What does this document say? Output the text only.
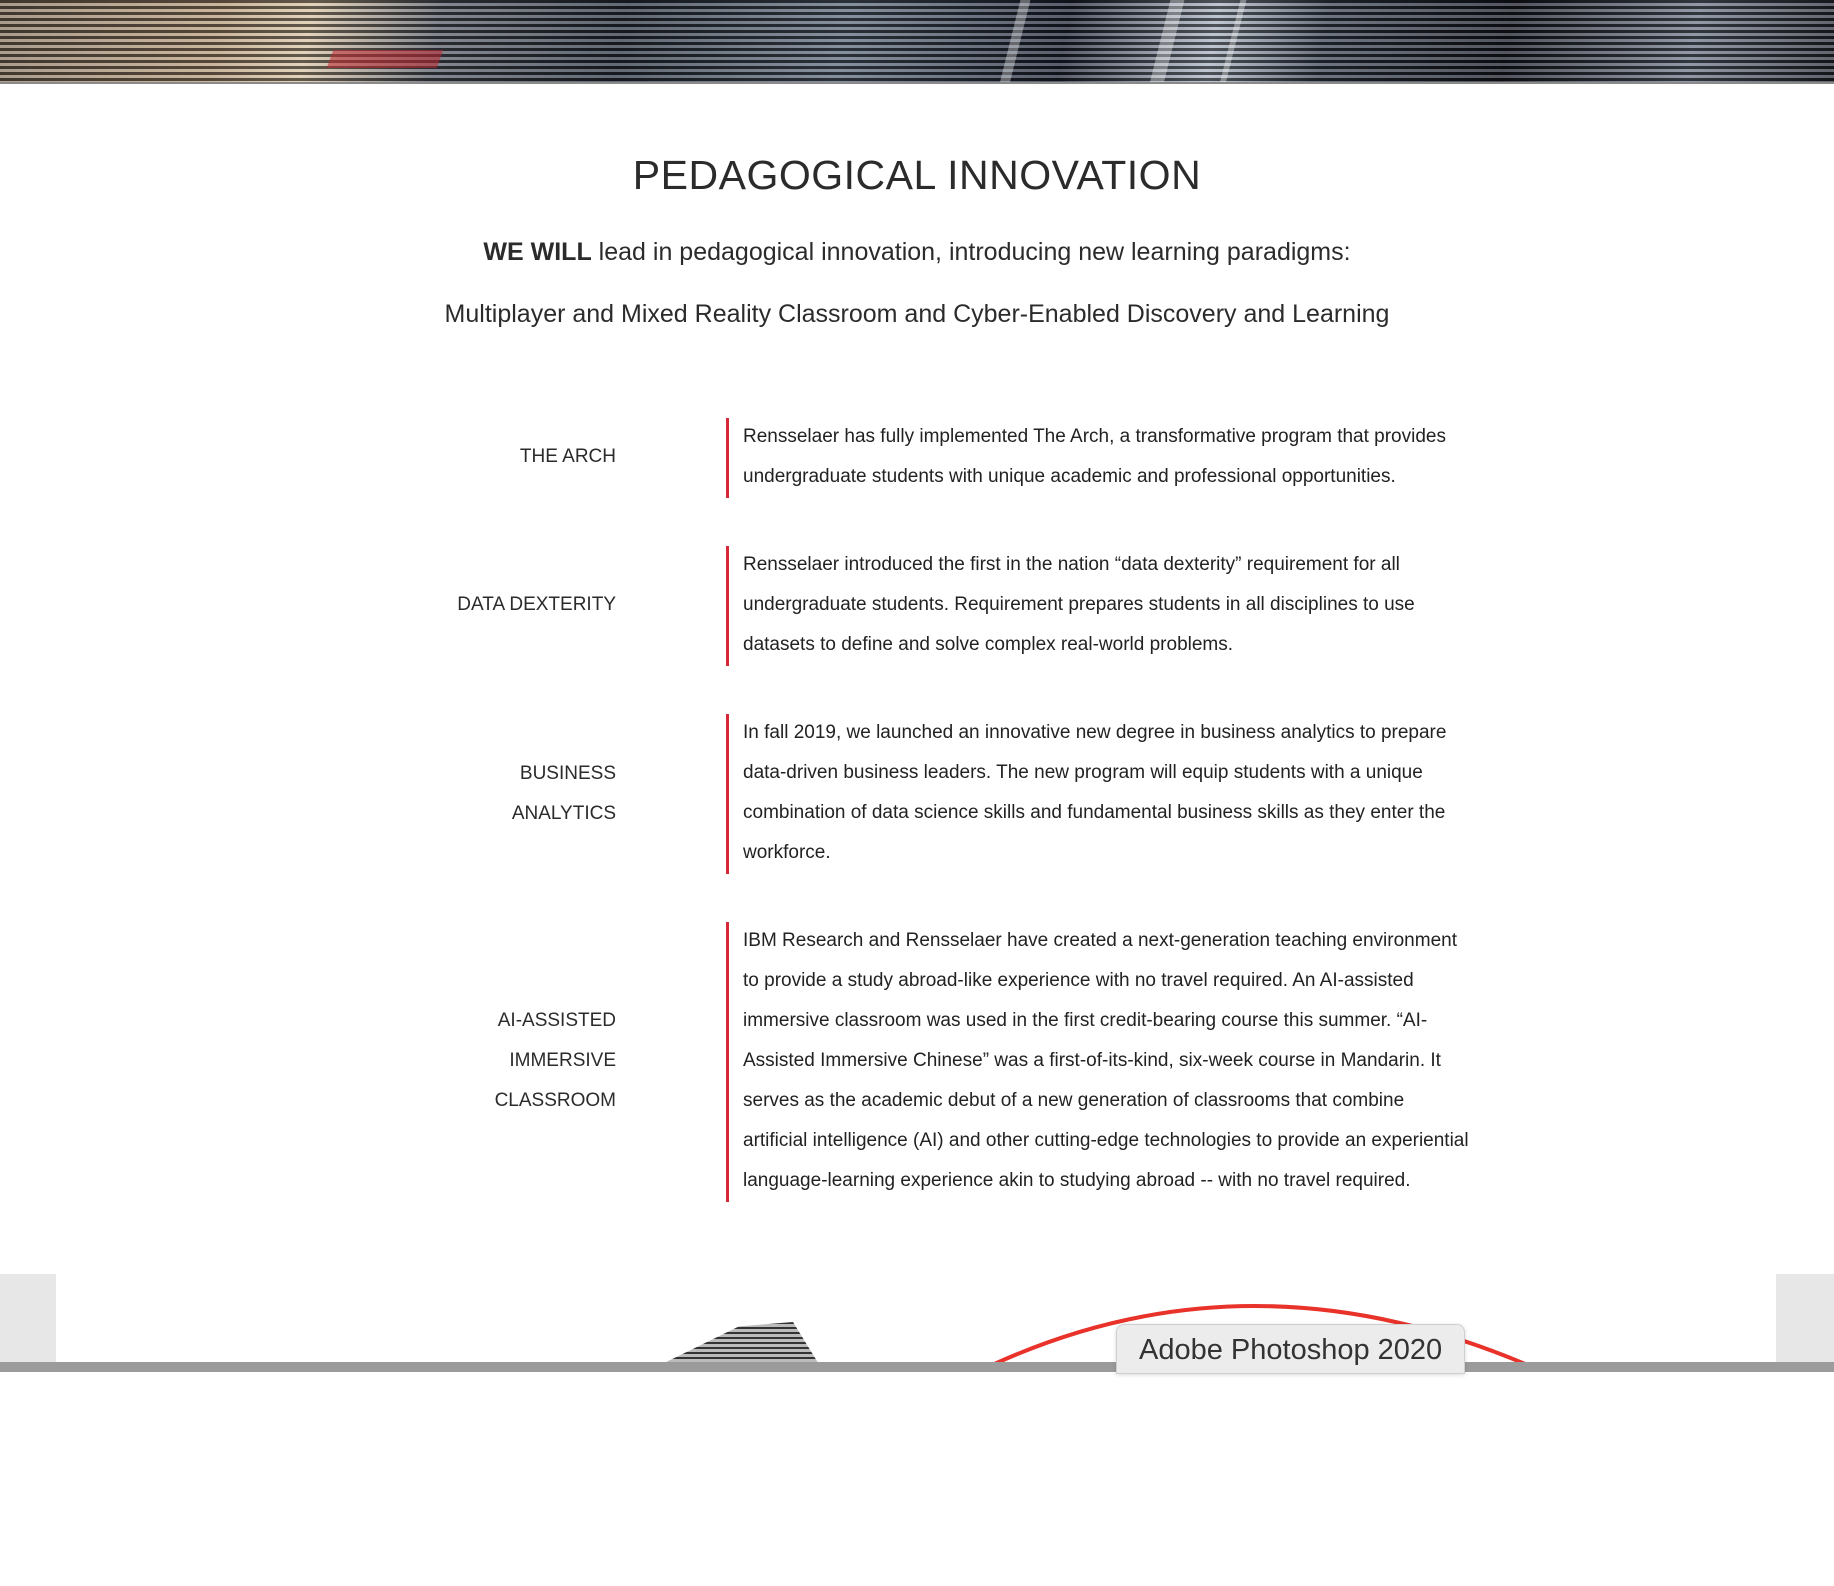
PEDAGOGICAL INNOVATION
WE WILL lead in pedagogical innovation, introducing new learning paradigms:
Multiplayer and Mixed Reality Classroom and Cyber-Enabled Discovery and Learning
THE ARCH
Rensselaer has fully implemented The Arch, a transformative program that provides undergraduate students with unique academic and professional opportunities.
DATA DEXTERITY
Rensselaer introduced the first in the nation “data dexterity” requirement for all undergraduate students. Requirement prepares students in all disciplines to use datasets to define and solve complex real-world problems.
BUSINESS
ANALYTICS
In fall 2019, we launched an innovative new degree in business analytics to prepare data-driven business leaders. The new program will equip students with a unique combination of data science skills and fundamental business skills as they enter the workforce.
AI-ASSISTED
IMMERSIVE
CLASSROOM
IBM Research and Rensselaer have created a next-generation teaching environment to provide a study abroad-like experience with no travel required. An AI-assisted immersive classroom was used in the first credit-bearing course this summer. “AI-Assisted Immersive Chinese” was a first-of-its-kind, six-week course in Mandarin. It serves as the academic debut of a new generation of classrooms that combine artificial intelligence (AI) and other cutting-edge technologies to provide an experiential language-learning experience akin to studying abroad -- with no travel required.
Adobe Photoshop 2020
